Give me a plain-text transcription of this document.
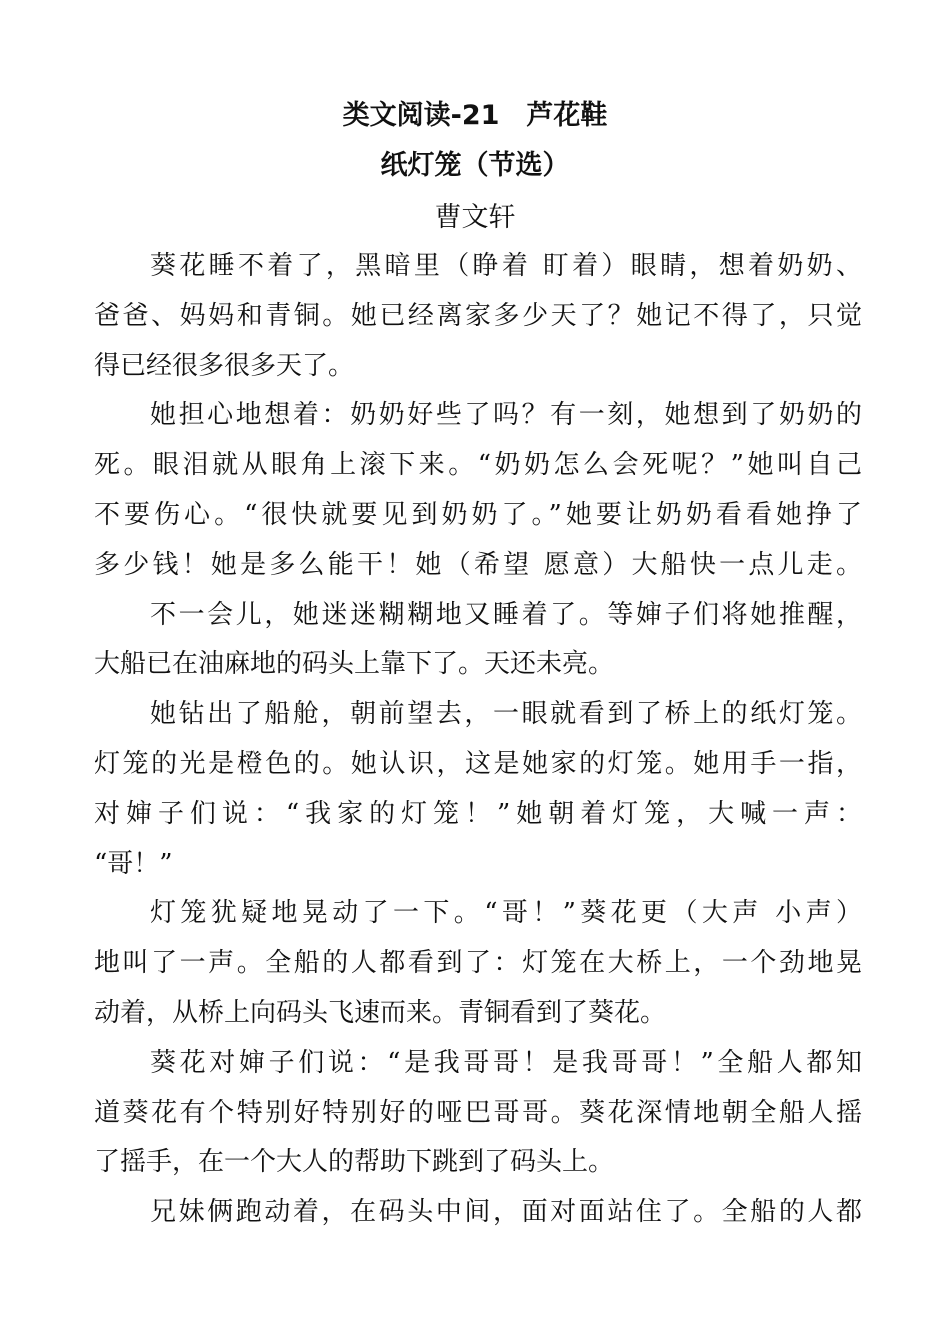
类文阅读-21　芦花鞋
纸灯笼（节选）
曹文轩
葵花睡不着了，黑暗里（睁着 盯着）眼睛，想着奶奶、
爸爸、妈妈和青铜。她已经离家多少天了？她记不得了，只觉
得已经很多很多天了。
她担心地想着：奶奶好些了吗？有一刻，她想到了奶奶的
死。眼泪就从眼角上滚下来。“奶奶怎么会死呢？”她叫自己
不要伤心。“很快就要见到奶奶了。”她要让奶奶看看她挣了
多少钱！她是多么能干！她（希望 愿意）大船快一点儿走。
不一会儿，她迷迷糊糊地又睡着了。等婶子们将她推醒，
大船已在油麻地的码头上靠下了。天还未亮。
她钻出了船舱，朝前望去，一眼就看到了桥上的纸灯笼。
灯笼的光是橙色的。她认识，这是她家的灯笼。她用手一指，
对婶子们说：“我家的灯笼！”她朝着灯笼，大喊一声：
“哥！”
灯笼犹疑地晃动了一下。“哥！”葵花更（大声 小声）
地叫了一声。全船的人都看到了：灯笼在大桥上，一个劲地晃
动着，从桥上向码头飞速而来。青铜看到了葵花。
葵花对婶子们说：“是我哥哥！是我哥哥！”全船人都知
道葵花有个特别好特别好的哑巴哥哥。葵花深情地朝全船人摇
了摇手，在一个大人的帮助下跳到了码头上。
兄妹俩跑动着，在码头中间，面对面站住了。全船的人都
